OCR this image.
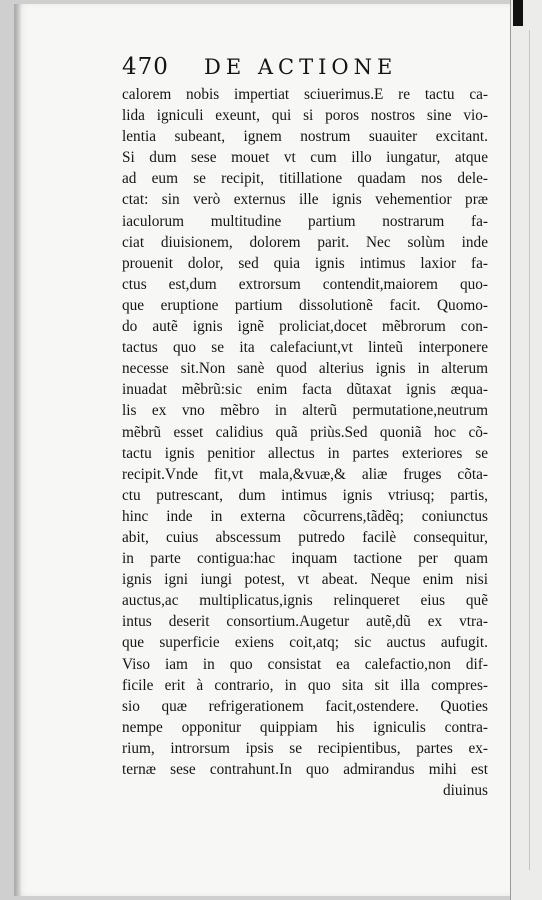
470 DE ACTIONE
calorem nobis impertiat sciuerimus.E re tactu ca-
lida igniculi exeunt, qui si poros nostros sine vio-
lentia subeant, ignem nostrum suauiter excitant.
Si dum sese mouet vt cum illo iungatur, atque
ad eum se recipit, titillatione quadam nos dele-
ctat: sin verò externus ille ignis vehementior præ
iaculorum multitudine partium nostrarum fa-
ciat diuisionem, dolorem parit. Nec solùm inde
prouenit dolor, sed quia ignis intimus laxior fa-
ctus est,dum extrorsum contendit,maiorem quo-
que eruptione partium dissolutionẽ facit. Quomo-
do autẽ ignis ignẽ proliciat,docet mẽbrorum con-
tactus quo se ita calefaciunt,vt linteũ interponere
necesse sit.Non sanè quod alterius ignis in alterum
inuadat mẽbrũ:sic enim facta dũtaxat ignis æqua-
lis ex vno mẽbro in alterũ permutatione,neutrum
mẽbrũ esset calidius quã priùs.Sed quoniã hoc cõ-
tactu ignis penitior allectus in partes exteriores se
recipit.Vnde fit,vt mala,&vuæ,& aliæ fruges cõta-
ctu putrescant, dum intimus ignis vtriusq; partis,
hinc inde in externa cõcurrens,tãdẽq; coniunctus
abit, cuius abscessum putredo facilè consequitur,
in parte contigua:hac inquam tactione per quam
ignis igni iungi potest, vt abeat. Neque enim nisi
auctus,ac multiplicatus,ignis relinqueret eius quẽ
intus deserit consortium.Augetur autẽ,dũ ex vtra-
que superficie exiens coit,atq; sic auctus aufugit.
Viso iam in quo consistat ea calefactio,non dif-
ficile erit à contrario, in quo sita sit illa compres-
sio quæ refrigerationem facit,ostendere. Quoties
nempe opponitur quippiam his igniculis contra-
rium, introrsum ipsis se recipientibus, partes ex-
ternæ sese contrahunt.In quo admirandus mihi est
diuinus
